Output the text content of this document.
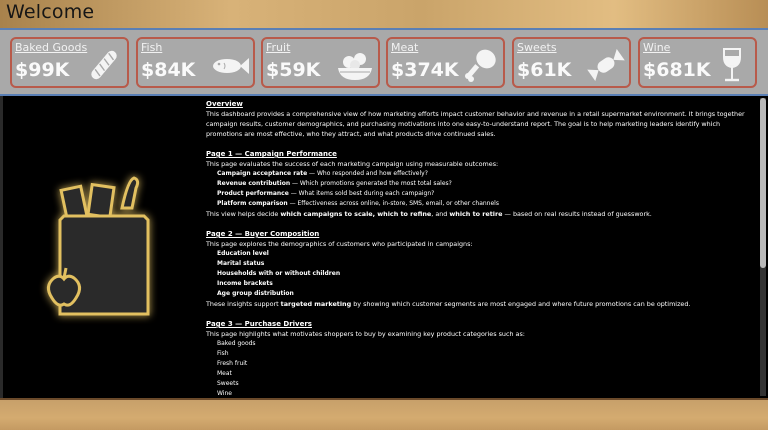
Welcome
Baked Goods
$99K
Fish
$84K
Fruit
$59K
Meat
$374K
Sweets
$61K
Wine
$681K
Overview
This dashboard provides a comprehensive view of how marketing efforts impact customer behavior and revenue in a retail supermarket environment. It brings together campaign results, customer demographics, and purchasing motivations into one easy-to-understand report. The goal is to help marketing leaders identify which promotions are most effective, who they attract, and what products drive continued sales.
Page 1 — Campaign Performance
This page evaluates the success of each marketing campaign using measurable outcomes:
Campaign acceptance rate — Who responded and how effectively?
Revenue contribution — Which promotions generated the most total sales?
Product performance — What items sold best during each campaign?
Platform comparison — Effectiveness across online, in-store, SMS, email, or other channels
This view helps decide which campaigns to scale, which to refine, and which to retire — based on real results instead of guesswork.
Page 2 — Buyer Composition
This page explores the demographics of customers who participated in campaigns:
Education level
Marital status
Households with or without children
Income brackets
Age group distribution
These insights support targeted marketing by showing which customer segments are most engaged and where future promotions can be optimized.
Page 3 — Purchase Drivers
This page highlights what motivates shoppers to buy by examining key product categories such as:
Baked goods
Fish
Fresh fruit
Meat
Sweets
Wine
